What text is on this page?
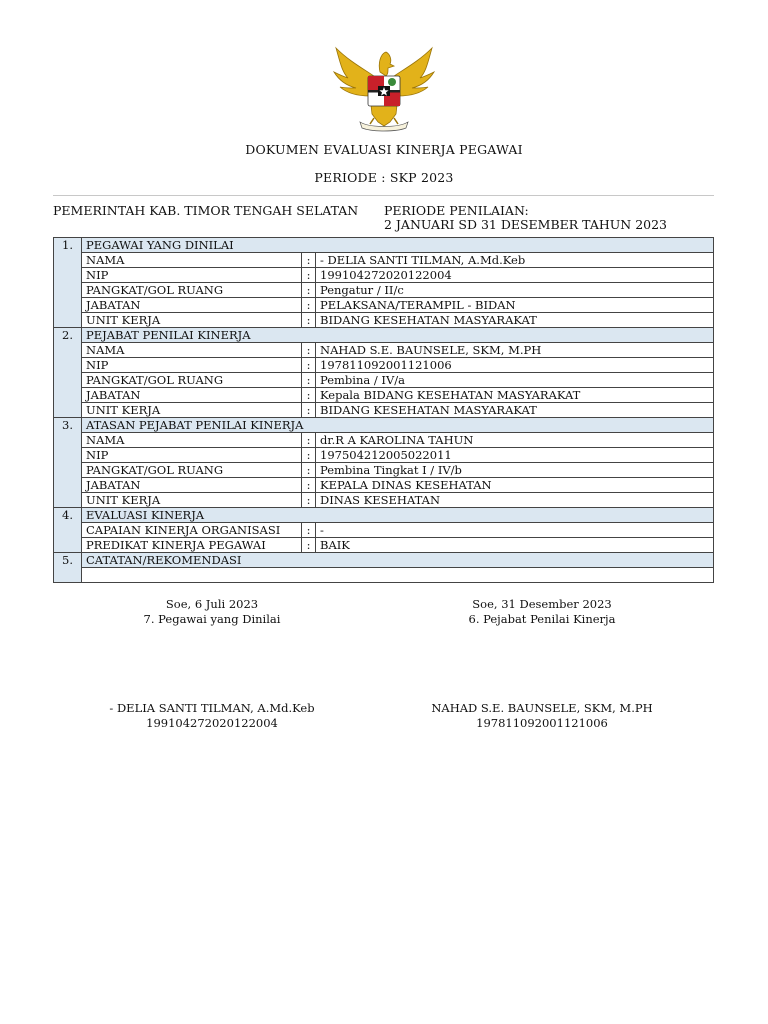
DOKUMEN EVALUASI KINERJA PEGAWAI
PERIODE : SKP 2023
PEMERINTAH KAB. TIMOR TENGAH SELATAN PERIODE PENILAIAN:
2 JANUARI SD 31 DESEMBER TAHUN 2023
1.	PEGAWAI YANG DINILAI		
	NAMA	:	- DELIA SANTI TILMAN, A.Md.Keb
	NIP	:	199104272020122004
	PANGKAT/GOL RUANG	:	Pengatur / II/c
	JABATAN	:	PELAKSANA/TERAMPIL - BIDAN
	UNIT KERJA	:	BIDANG KESEHATAN MASYARAKAT
2.	PEJABAT PENILAI KINERJA		
	NAMA	:	NAHAD S.E. BAUNSELE, SKM, M.PH
	NIP	:	197811092001121006
	PANGKAT/GOL RUANG	:	Pembina / IV/a
	JABATAN	:	Kepala BIDANG KESEHATAN MASYARAKAT
	UNIT KERJA	:	BIDANG KESEHATAN MASYARAKAT
3.	ATASAN PEJABAT PENILAI KINERJA		
	NAMA	:	dr.R A KAROLINA TAHUN
	NIP	:	197504212005022011
	PANGKAT/GOL RUANG	:	Pembina Tingkat I / IV/b
	JABATAN	:	KEPALA DINAS KESEHATAN
	UNIT KERJA	:	DINAS KESEHATAN
4.	EVALUASI KINERJA		
	CAPAIAN KINERJA ORGANISASI	:	-
	PREDIKAT KINERJA PEGAWAI	:	BAIK
5.	CATATAN/REKOMENDASI		

Soe, 6 Juli 2023
7. Pegawai yang Dinilai
Soe, 31 Desember 2023
6. Pejabat Penilai Kinerja
- DELIA SANTI TILMAN, A.Md.Keb
199104272020122004
NAHAD S.E. BAUNSELE, SKM, M.PH
197811092001121006
